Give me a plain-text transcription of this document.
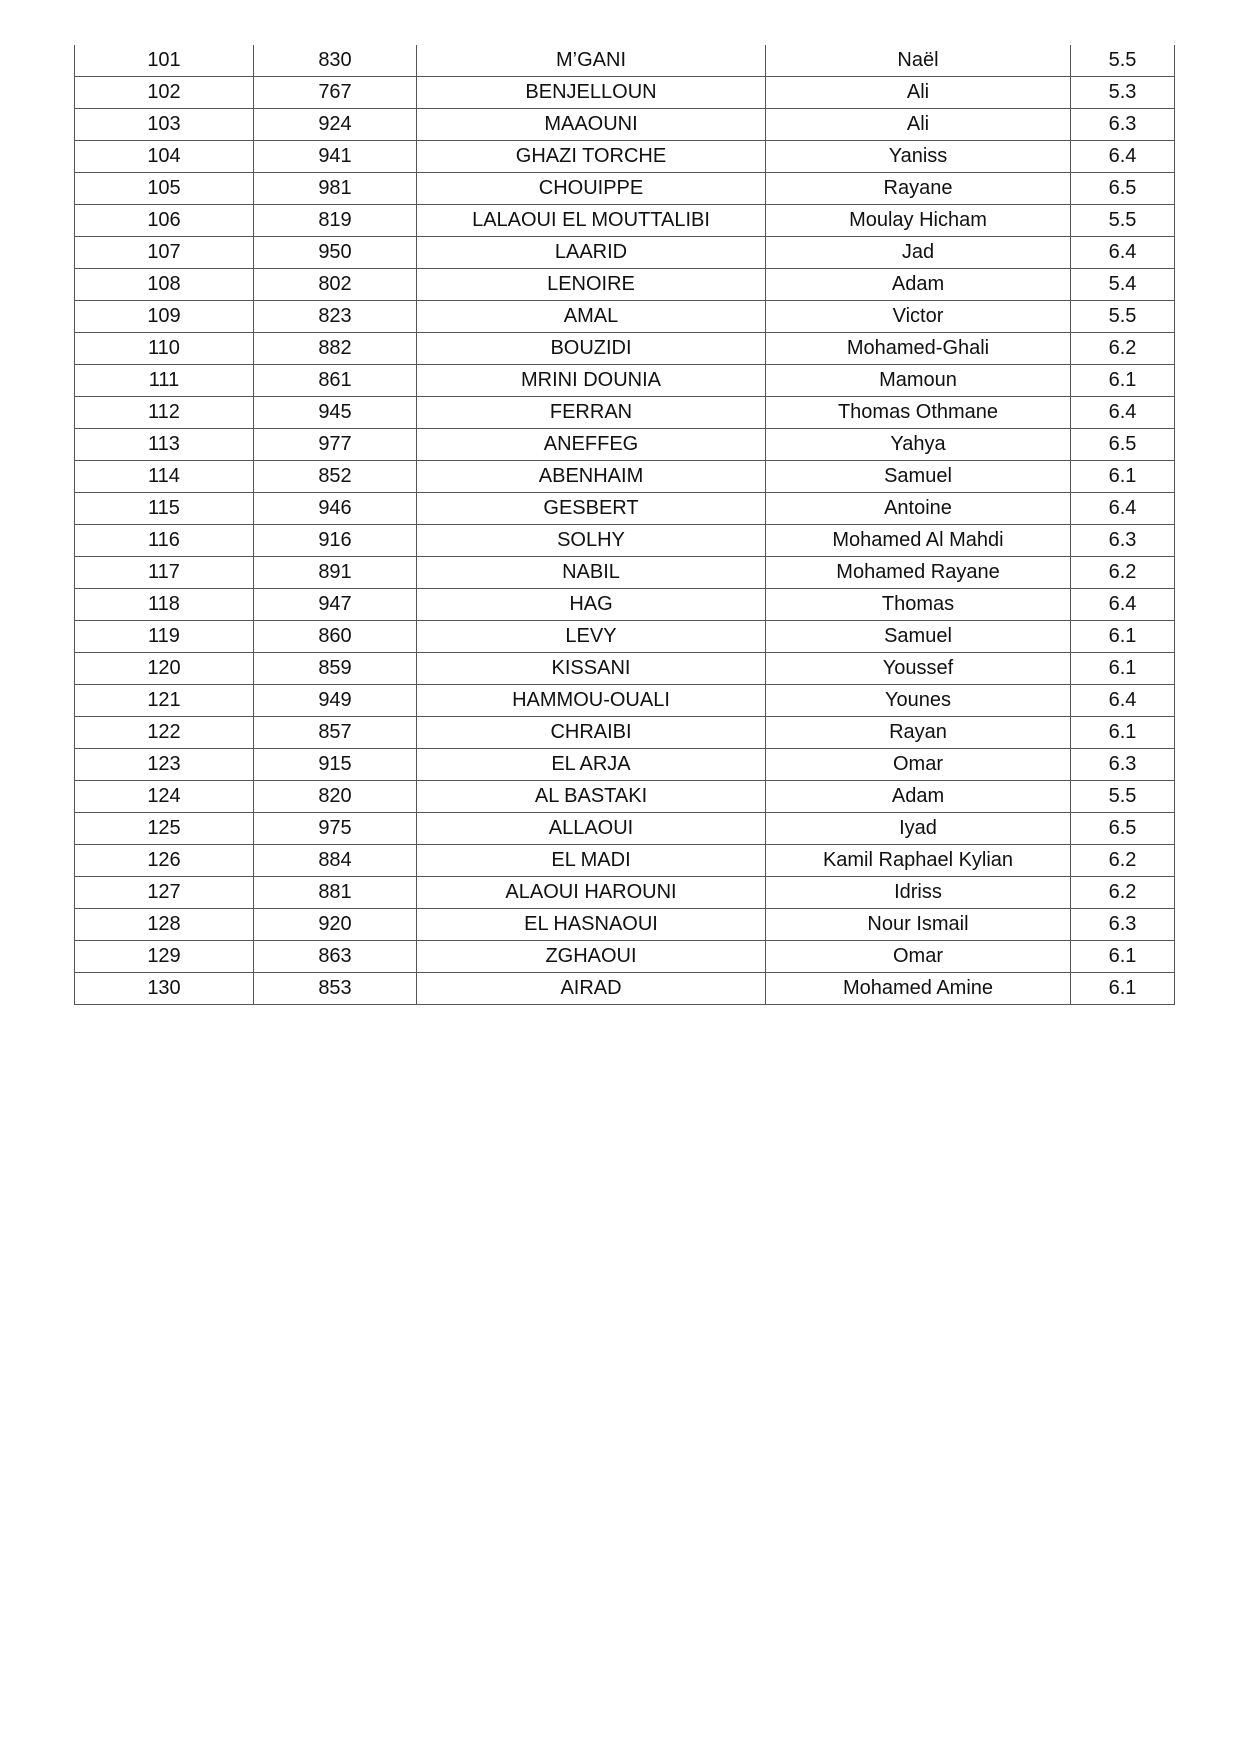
101	830	M’GANI	Naël	5.5
102	767	BENJELLOUN	Ali	5.3
103	924	MAAOUNI	Ali	6.3
104	941	GHAZI TORCHE	Yaniss	6.4
105	981	CHOUIPPE	Rayane	6.5
106	819	LALAOUI EL MOUTTALIBI	Moulay Hicham	5.5
107	950	LAARID	Jad	6.4
108	802	LENOIRE	Adam	5.4
109	823	AMAL	Victor	5.5
110	882	BOUZIDI	Mohamed-Ghali	6.2
111	861	MRINI DOUNIA	Mamoun	6.1
112	945	FERRAN	Thomas Othmane	6.4
113	977	ANEFFEG	Yahya	6.5
114	852	ABENHAIM	Samuel	6.1
115	946	GESBERT	Antoine	6.4
116	916	SOLHY	Mohamed Al Mahdi	6.3
117	891	NABIL	Mohamed Rayane	6.2
118	947	HAG	Thomas	6.4
119	860	LEVY	Samuel	6.1
120	859	KISSANI	Youssef	6.1
121	949	HAMMOU-OUALI	Younes	6.4
122	857	CHRAIBI	Rayan	6.1
123	915	EL ARJA	Omar	6.3
124	820	AL BASTAKI	Adam	5.5
125	975	ALLAOUI	Iyad	6.5
126	884	EL MADI	Kamil Raphael Kylian	6.2
127	881	ALAOUI HAROUNI	Idriss	6.2
128	920	EL HASNAOUI	Nour Ismail	6.3
129	863	ZGHAOUI	Omar	6.1
130	853	AIRAD	Mohamed Amine	6.1
